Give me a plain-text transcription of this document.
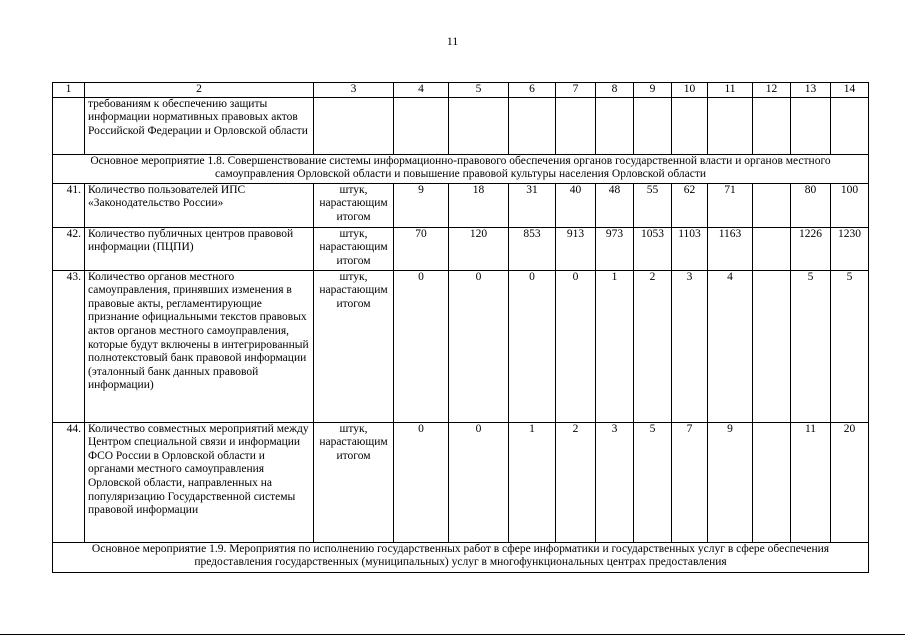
11
1	2	3	4	5	6	7	8	9	10	11	12	13	14
	требованиям к обеспечению защиты информации нормативных правовых актов Российской Федерации и Орловской области												
Основное мероприятие 1.8. Совершенствование системы информационно-правового обеспечения органов государственной власти и органов местного самоуправления Орловской области и повышение правовой культуры населения Орловской области													
41.	Количество пользователей ИПС «Законодательство России»	штук, нарастающим итогом	9	18	31	40	48	55	62	71		80	100
42.	Количество публичных центров правовой информации (ПЦПИ)	штук, нарастающим итогом	70	120	853	913	973	1053	1103	1163		1226	1230
43.	Количество органов местного самоуправления, принявших изменения в правовые акты, регламентирующие признание официальными текстов правовых актов органов местного самоуправления, которые будут включены в интегрированный полнотекстовый банк правовой информации (эталонный банк данных правовой информации)	штук, нарастающим итогом	0	0	0	0	1	2	3	4		5	5
44.	Количество совместных мероприятий между Центром специальной связи и информации ФСО России в Орловской области и органами местного самоуправления Орловской области, направленных на популяризацию Государственной системы правовой информации	штук, нарастающим итогом	0	0	1	2	3	5	7	9		11	20
Основное мероприятие 1.9. Мероприятия по исполнению государственных работ в сфере информатики и государственных услуг в сфере обеспечения предоставления государственных (муниципальных) услуг в многофункциональных центрах предоставления													
